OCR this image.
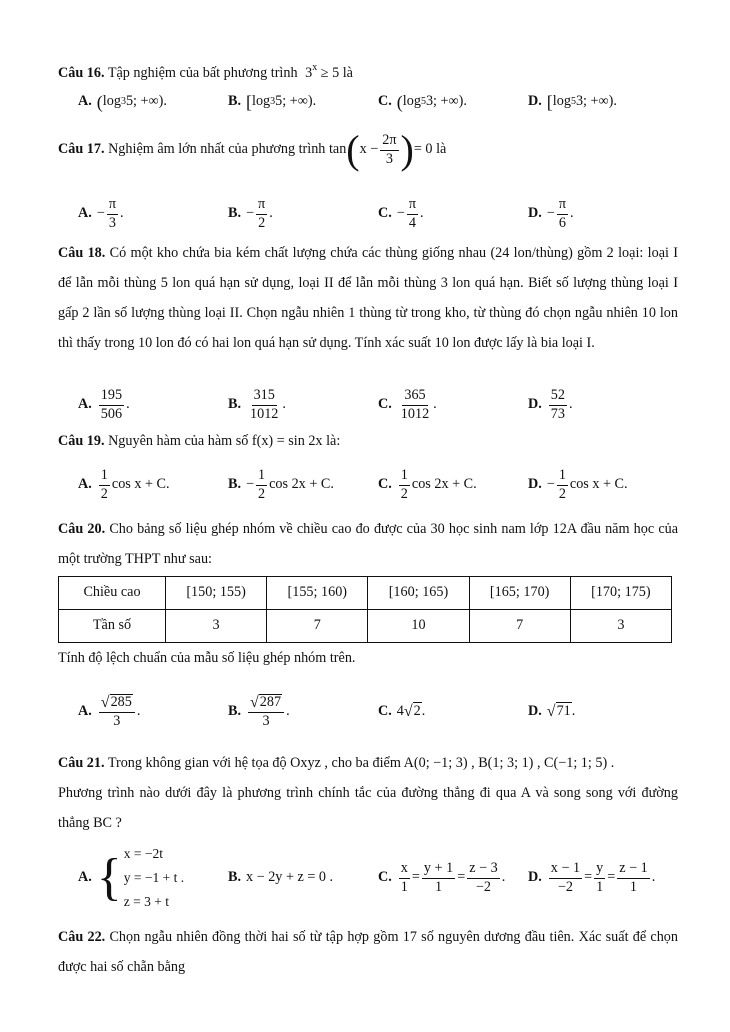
Câu 16. Tập nghiệm của bất phương trình $3^x \ge 5$ là
A. ( log 3 5 ; +∞).	B. [ log 3 5 ; +∞).	C. ( log 5 3 ; +∞).	D. [ log 5 3 ; +∞).
Câu 17.
Nghiệm âm lớn nhất của phương trình
tan ( $x - \frac{2\pi}{3}$ ) = 0
là
A. − $\frac{\pi}{3}$ .	B. − $\frac{\pi}{2}$ .	C. − $\frac{\pi}{4}$ .	D. − $\frac{\pi}{6}$ .
Câu 18. Có một kho chứa bia kém chất lượng chứa các thùng giống nhau (24 lon/thùng) gồm 2 loại: loại I để lẫn mỗi thùng 5 lon quá hạn sử dụng, loại II để lẫn mỗi thùng 3 lon quá hạn. Biết số lượng thùng loại I gấp 2 lần số lượng thùng loại II. Chọn ngẫu nhiên 1 thùng từ trong kho, từ thùng đó chọn ngẫu nhiên 10 lon thì thấy trong 10 lon đó có hai lon quá hạn sử dụng. Tính xác suất 10 lon được lấy là bia loại I.
A. $\frac{195}{506}$ .	B. $\frac{315}{1012}$ .	C. $\frac{365}{1012}$ .	D. $\frac{52}{73}$ .
Câu 19. Nguyên hàm của hàm số f(x) = sin 2x là:
A. $\frac{1}{2}$ cos x + C.	B. − $\frac{1}{2}$ cos 2x + C.	C. $\frac{1}{2}$ cos 2x + C.	D. − $\frac{1}{2}$ cos x + C.
Câu 20. Cho bảng số liệu ghép nhóm về chiều cao đo được của 30 học sinh nam lớp 12A đầu năm học của một trường THPT như sau:
Chiều cao	[150; 155)	[155; 160)	[160; 165)	[165; 170)	[170; 175)
Tần số	3	7	10	7	3
Tính độ lệch chuẩn của mẫu số liệu ghép nhóm trên.
A. $\frac{√ 285}{3}$ .	B. $\frac{√ 287}{3}$ .	C. 4 √ 2 .	D. √ 71 .
Câu 21. Trong không gian với hệ tọa độ Oxyz , cho ba điểm A(0; −1; 3) , B(1; 3; 1) , C(−1; 1; 5) .
Phương trình nào dưới đây là phương trình chính tắc của đường thẳng đi qua A và song song với đường thẳng BC ?
A. { x = −2t
y = −1 + t .
z = 3 + t
B. x − 2y + z = 0 .	C. $\frac{x}{1} = \frac{y + 1}{1} = \frac{z - 3}{-2}$ . D. $\frac{x - 1}{-2} = \frac{y}{1} = \frac{z - 1}{1}$ .
Câu 22. Chọn ngẫu nhiên đồng thời hai số từ tập hợp gồm 17 số nguyên dương đầu tiên. Xác suất để chọn được hai số chẵn bằng
